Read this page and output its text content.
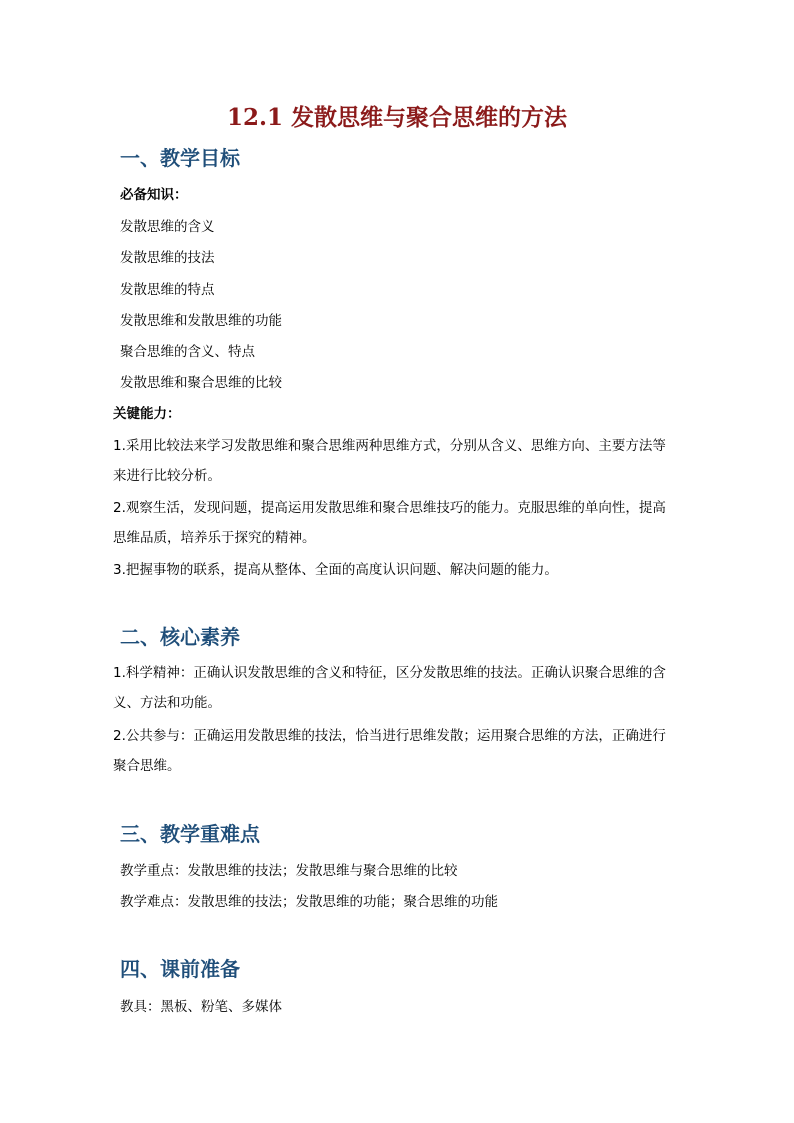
12.1 发散思维与聚合思维的方法
一、教学目标

必备知识：

发散思维的含义

发散思维的技法

发散思维的特点

发散思维和发散思维的功能

聚合思维的含义、特点

发散思维和聚合思维的比较

关键能力：

1.采用比较法来学习发散思维和聚合思维两种思维方式，分别从含义、思维方向、主要方法等来进行比较分析。

2.观察生活，发现问题，提高运用发散思维和聚合思维技巧的能力。克服思维的单向性，提高思维品质，培养乐于探究的精神。

3.把握事物的联系，提高从整体、全面的高度认识问题、解决问题的能力。

二、核心素养

1.科学精神：正确认识发散思维的含义和特征，区分发散思维的技法。正确认识聚合思维的含义、方法和功能。

2.公共参与：正确运用发散思维的技法，恰当进行思维发散；运用聚合思维的方法，正确进行聚合思维。

三、教学重难点

教学重点：发散思维的技法；发散思维与聚合思维的比较

教学难点：发散思维的技法；发散思维的功能；聚合思维的功能

四、课前准备

教具：黑板、粉笔、多媒体
